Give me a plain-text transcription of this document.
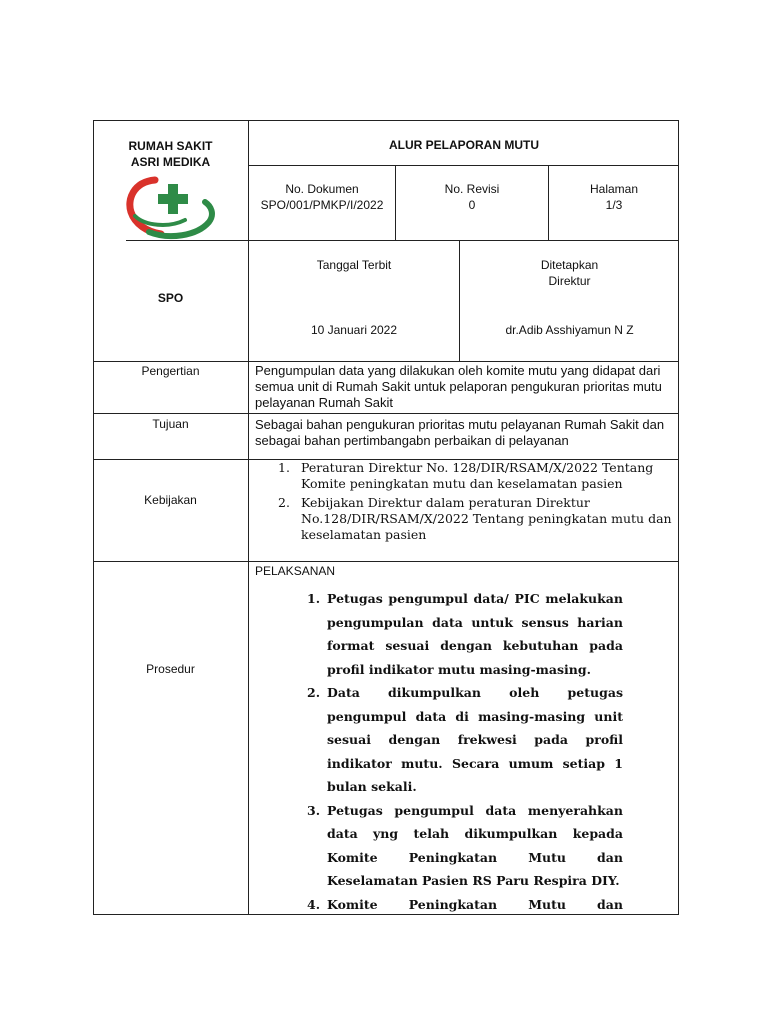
RUMAH SAKIT
ASRI MEDIKA
ALUR PELAPORAN MUTU
No. Dokumen
SPO/001/PMKP/I/2022
No. Revisi
0
Halaman
1/3
SPO
Tanggal Terbit
10 Januari 2022
Ditetapkan
Direktur
dr.Adib Asshiyamun N Z
Pengertian	Pengumpulan data yang dilakukan oleh komite mutu yang didapat dari semua unit di Rumah Sakit untuk pelaporan pengukuran prioritas mutu pelayanan Rumah Sakit
Tujuan	Sebagai bahan pengukuran prioritas mutu pelayanan Rumah Sakit dan sebagai bahan pertimbangabn perbaikan di pelayanan
Kebijakan
1. Peraturan Direktur No. 128/DIR/RSAM/X/2022 Tentang Komite peningkatan mutu dan keselamatan pasien
2. Kebijakan Direktur dalam peraturan Direktur No.128/DIR/RSAM/X/2022 Tentang peningkatan mutu dan keselamatan pasien
Prosedur
PELAKSANAN
1. Petugas pengumpul data/ PIC melakukan pengumpulan data untuk sensus harian format sesuai dengan kebutuhan pada profil indikator mutu masing-masing.
2. Data dikumpulkan oleh petugas pengumpul data di masing-masing unit sesuai dengan frekwesi pada profil indikator mutu. Secara umum setiap 1 bulan sekali.
3. Petugas pengumpul data menyerahkan data yng telah dikumpulkan kepada Komite Peningkatan Mutu dan Keselamatan Pasien RS Paru Respira DIY.
4. Komite Peningkatan Mutu dan
